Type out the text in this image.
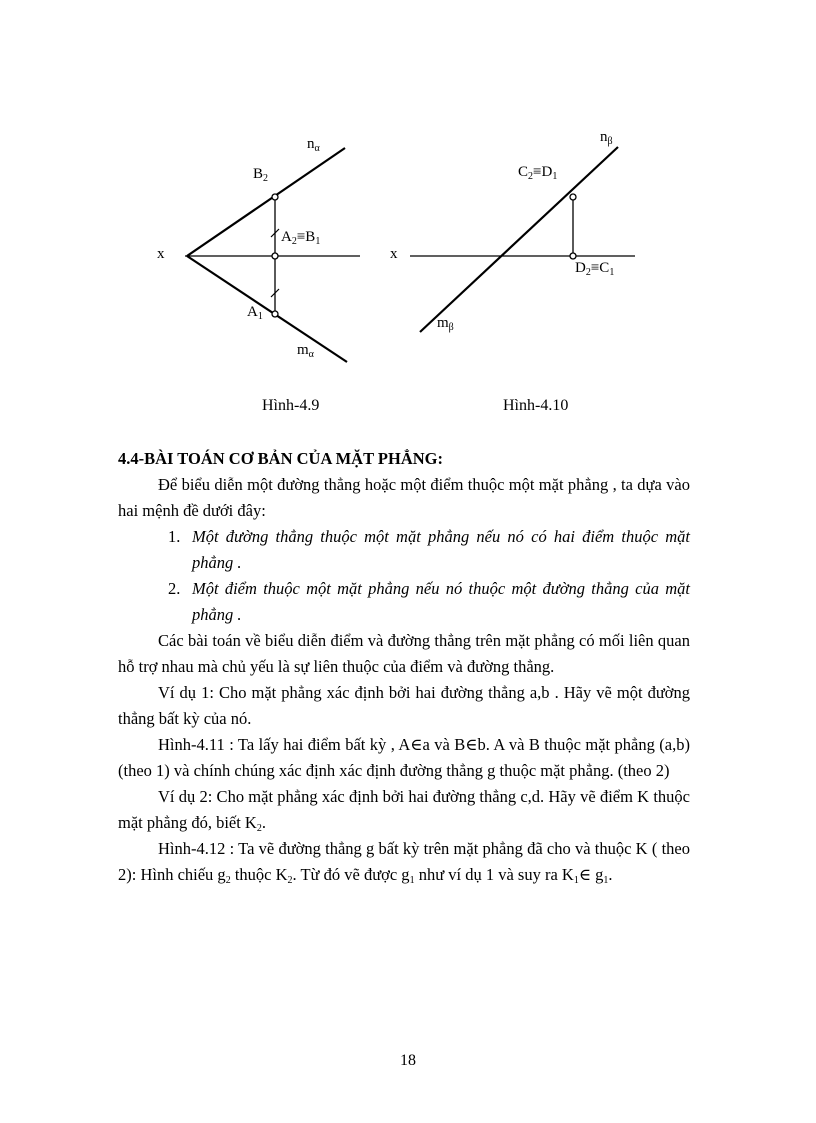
$n_\alpha$
$B_2$
$A_2\equiv B_1$
x
$A_1$
$m_\alpha$
$n_\beta$
$C_2\equiv D_1$
x
$D_2\equiv C_1$
$m_\beta$
Hình-4.9	Hình-4.10
4.4-BÀI TOÁN CƠ BẢN CỦA MẶT PHẲNG:

Để biểu diễn một đường thẳng hoặc một điểm thuộc một mặt phẳng , ta dựa vào hai mệnh đề dưới đây:

1. Một đường thẳng thuộc một mặt phẳng nếu nó có hai điểm thuộc mặt phẳng .
2. Một điểm thuộc một mặt phẳng nếu nó thuộc một đường thẳng của mặt phẳng .

Các bài toán về biểu diễn điểm và đường thẳng trên mặt phẳng có mối liên quan hỗ trợ nhau mà chủ yếu là sự liên thuộc của điểm và đường thẳng.

Ví dụ 1: Cho mặt phẳng xác định bởi hai đường thẳng a,b . Hãy vẽ một đường thẳng bất kỳ của nó.

Hình-4.11 : Ta lấy hai điểm bất kỳ , A∈a và B∈b. A và B thuộc mặt phẳng (a,b) (theo 1) và chính chúng xác định xác định đường thẳng g thuộc mặt phẳng. (theo 2)

Ví dụ 2: Cho mặt phẳng xác định bởi hai đường thẳng c,d. Hãy vẽ điểm K thuộc mặt phẳng đó, biết $K_2$.

Hình-4.12 : Ta vẽ đường thẳng g bất kỳ trên mặt phẳng đã cho và thuộc K ( theo 2): Hình chiếu $g_2$ thuộc $K_2$. Từ đó vẽ được $g_1$ như ví dụ 1 và suy ra $K_1\in$ $g_1$.

18
